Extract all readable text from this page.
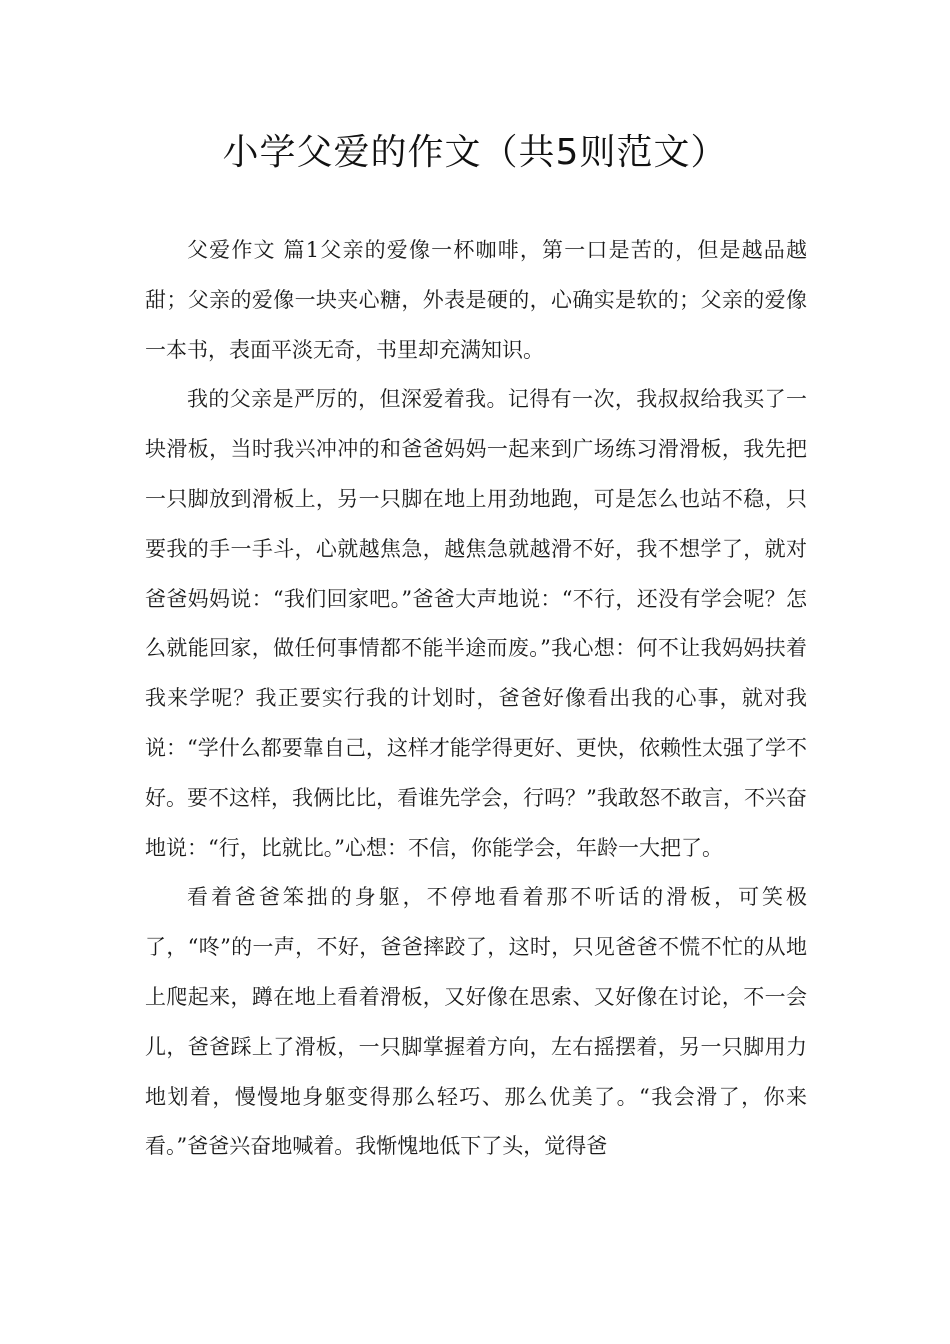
小学父爱的作文（共5则范文）

父爱作文 篇1父亲的爱像一杯咖啡，第一口是苦的，但是越品越甜；父亲的爱像一块夹心糖，外表是硬的，心确实是软的；父亲的爱像一本书，表面平淡无奇，书里却充满知识。

我的父亲是严厉的，但深爱着我。记得有一次，我叔叔给我买了一块滑板，当时我兴冲冲的和爸爸妈妈一起来到广场练习滑滑板，我先把一只脚放到滑板上，另一只脚在地上用劲地跑，可是怎么也站不稳，只要我的手一手斗，心就越焦急，越焦急就越滑不好，我不想学了，就对爸爸妈妈说：“我们回家吧。”爸爸大声地说：“不行，还没有学会呢？怎么就能回家，做任何事情都不能半途而废。”我心想：何不让我妈妈扶着我来学呢？我正要实行我的计划时，爸爸好像看出我的心事，就对我说：“学什么都要靠自己，这样才能学得更好、更快，依赖性太强了学不好。要不这样，我俩比比，看谁先学会，行吗？”我敢怒不敢言，不兴奋地说：“行，比就比。”心想：不信，你能学会，年龄一大把了。

看着爸爸笨拙的身躯，不停地看着那不听话的滑板，可笑极了，“咚”的一声，不好，爸爸摔跤了，这时，只见爸爸不慌不忙的从地上爬起来，蹲在地上看着滑板，又好像在思索、又好像在讨论，不一会儿，爸爸踩上了滑板，一只脚掌握着方向，左右摇摆着，另一只脚用力地划着，慢慢地身躯变得那么轻巧、那么优美了。“我会滑了，你来看。”爸爸兴奋地喊着。我惭愧地低下了头，觉得爸
